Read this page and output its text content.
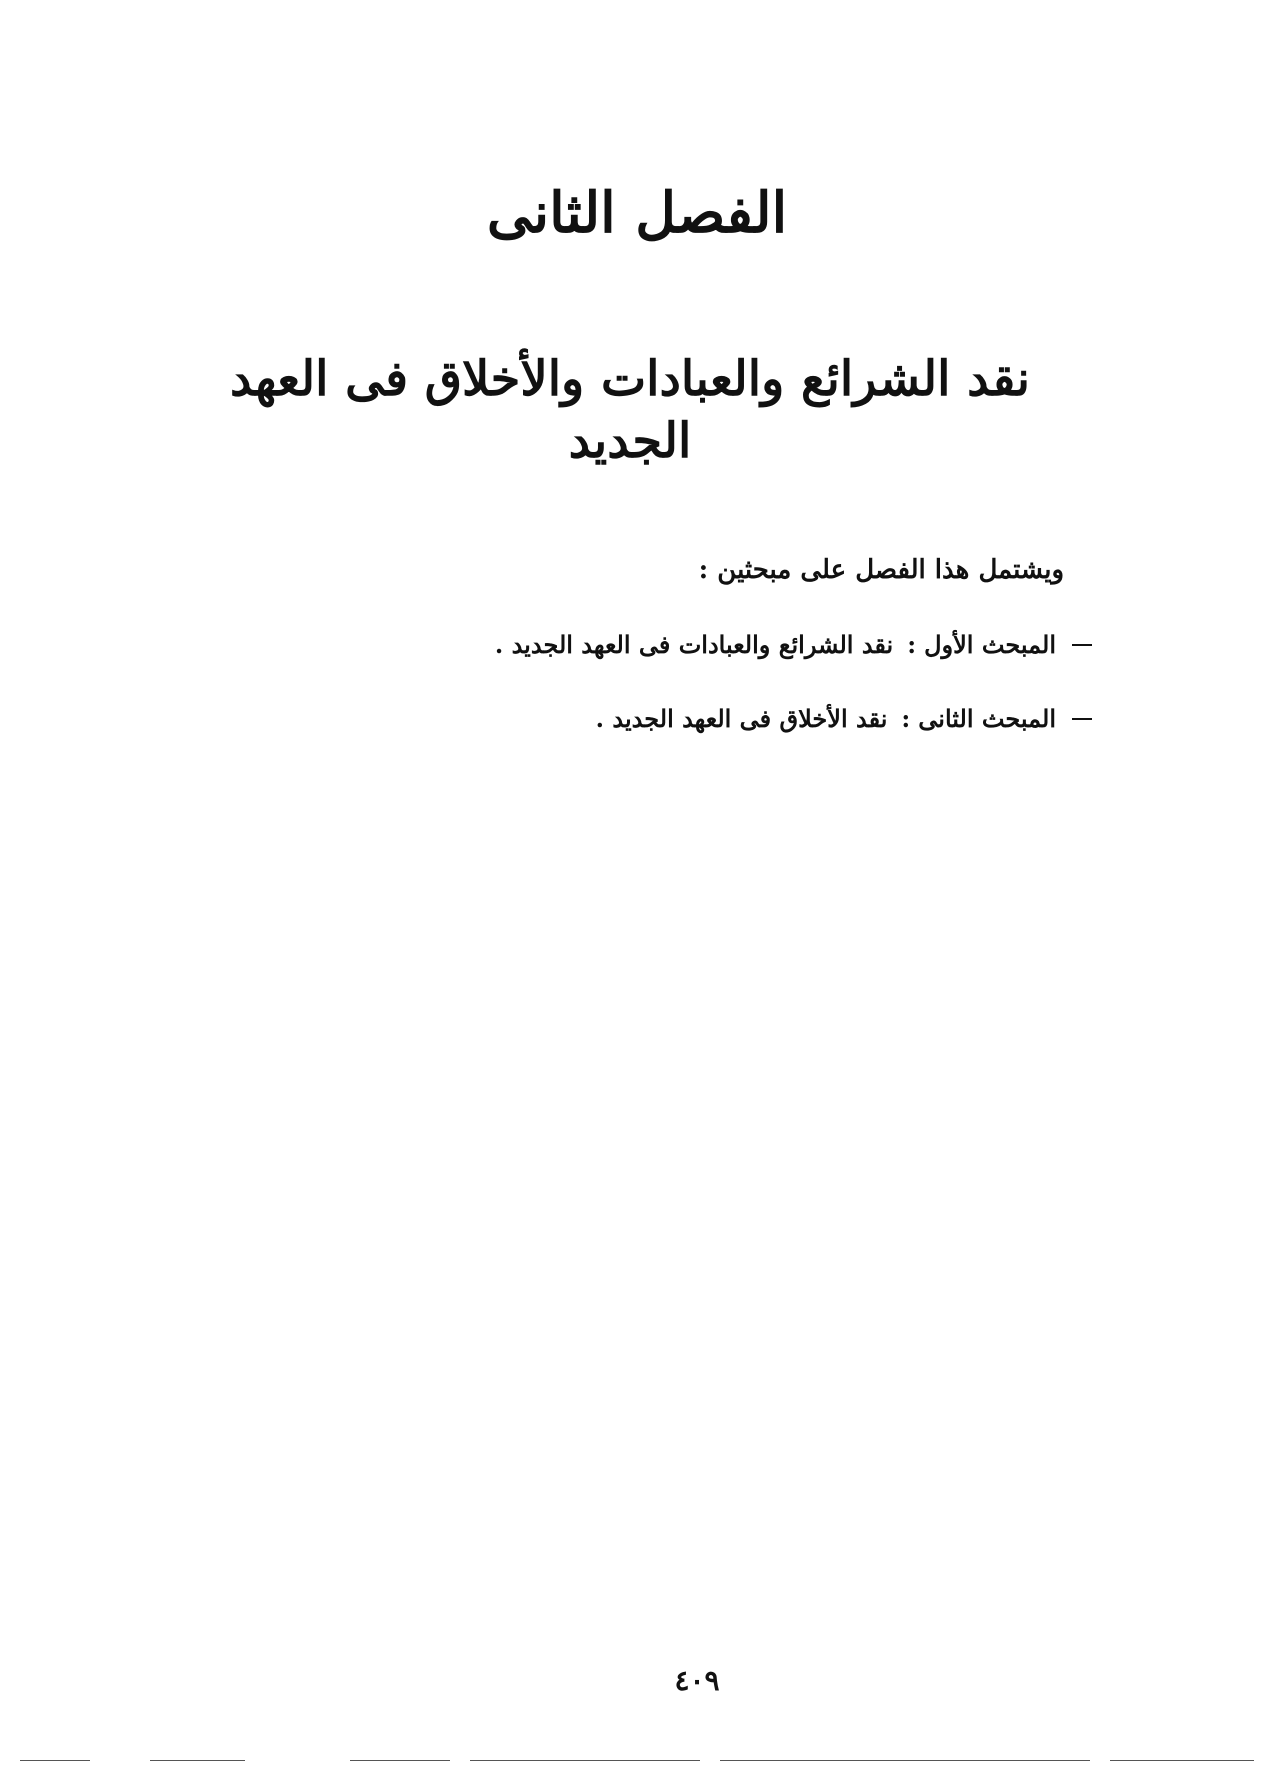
الفصل الثانى
نقد الشرائع والعبادات والأخلاق فى العهد الجديد

ويشتمل هذا الفصل على مبحثين :

المبحث الأول
:
نقد الشرائع والعبادات فى العهد الجديد .
المبحث الثانى
:
نقد الأخلاق فى العهد الجديد .
٤٠٩
